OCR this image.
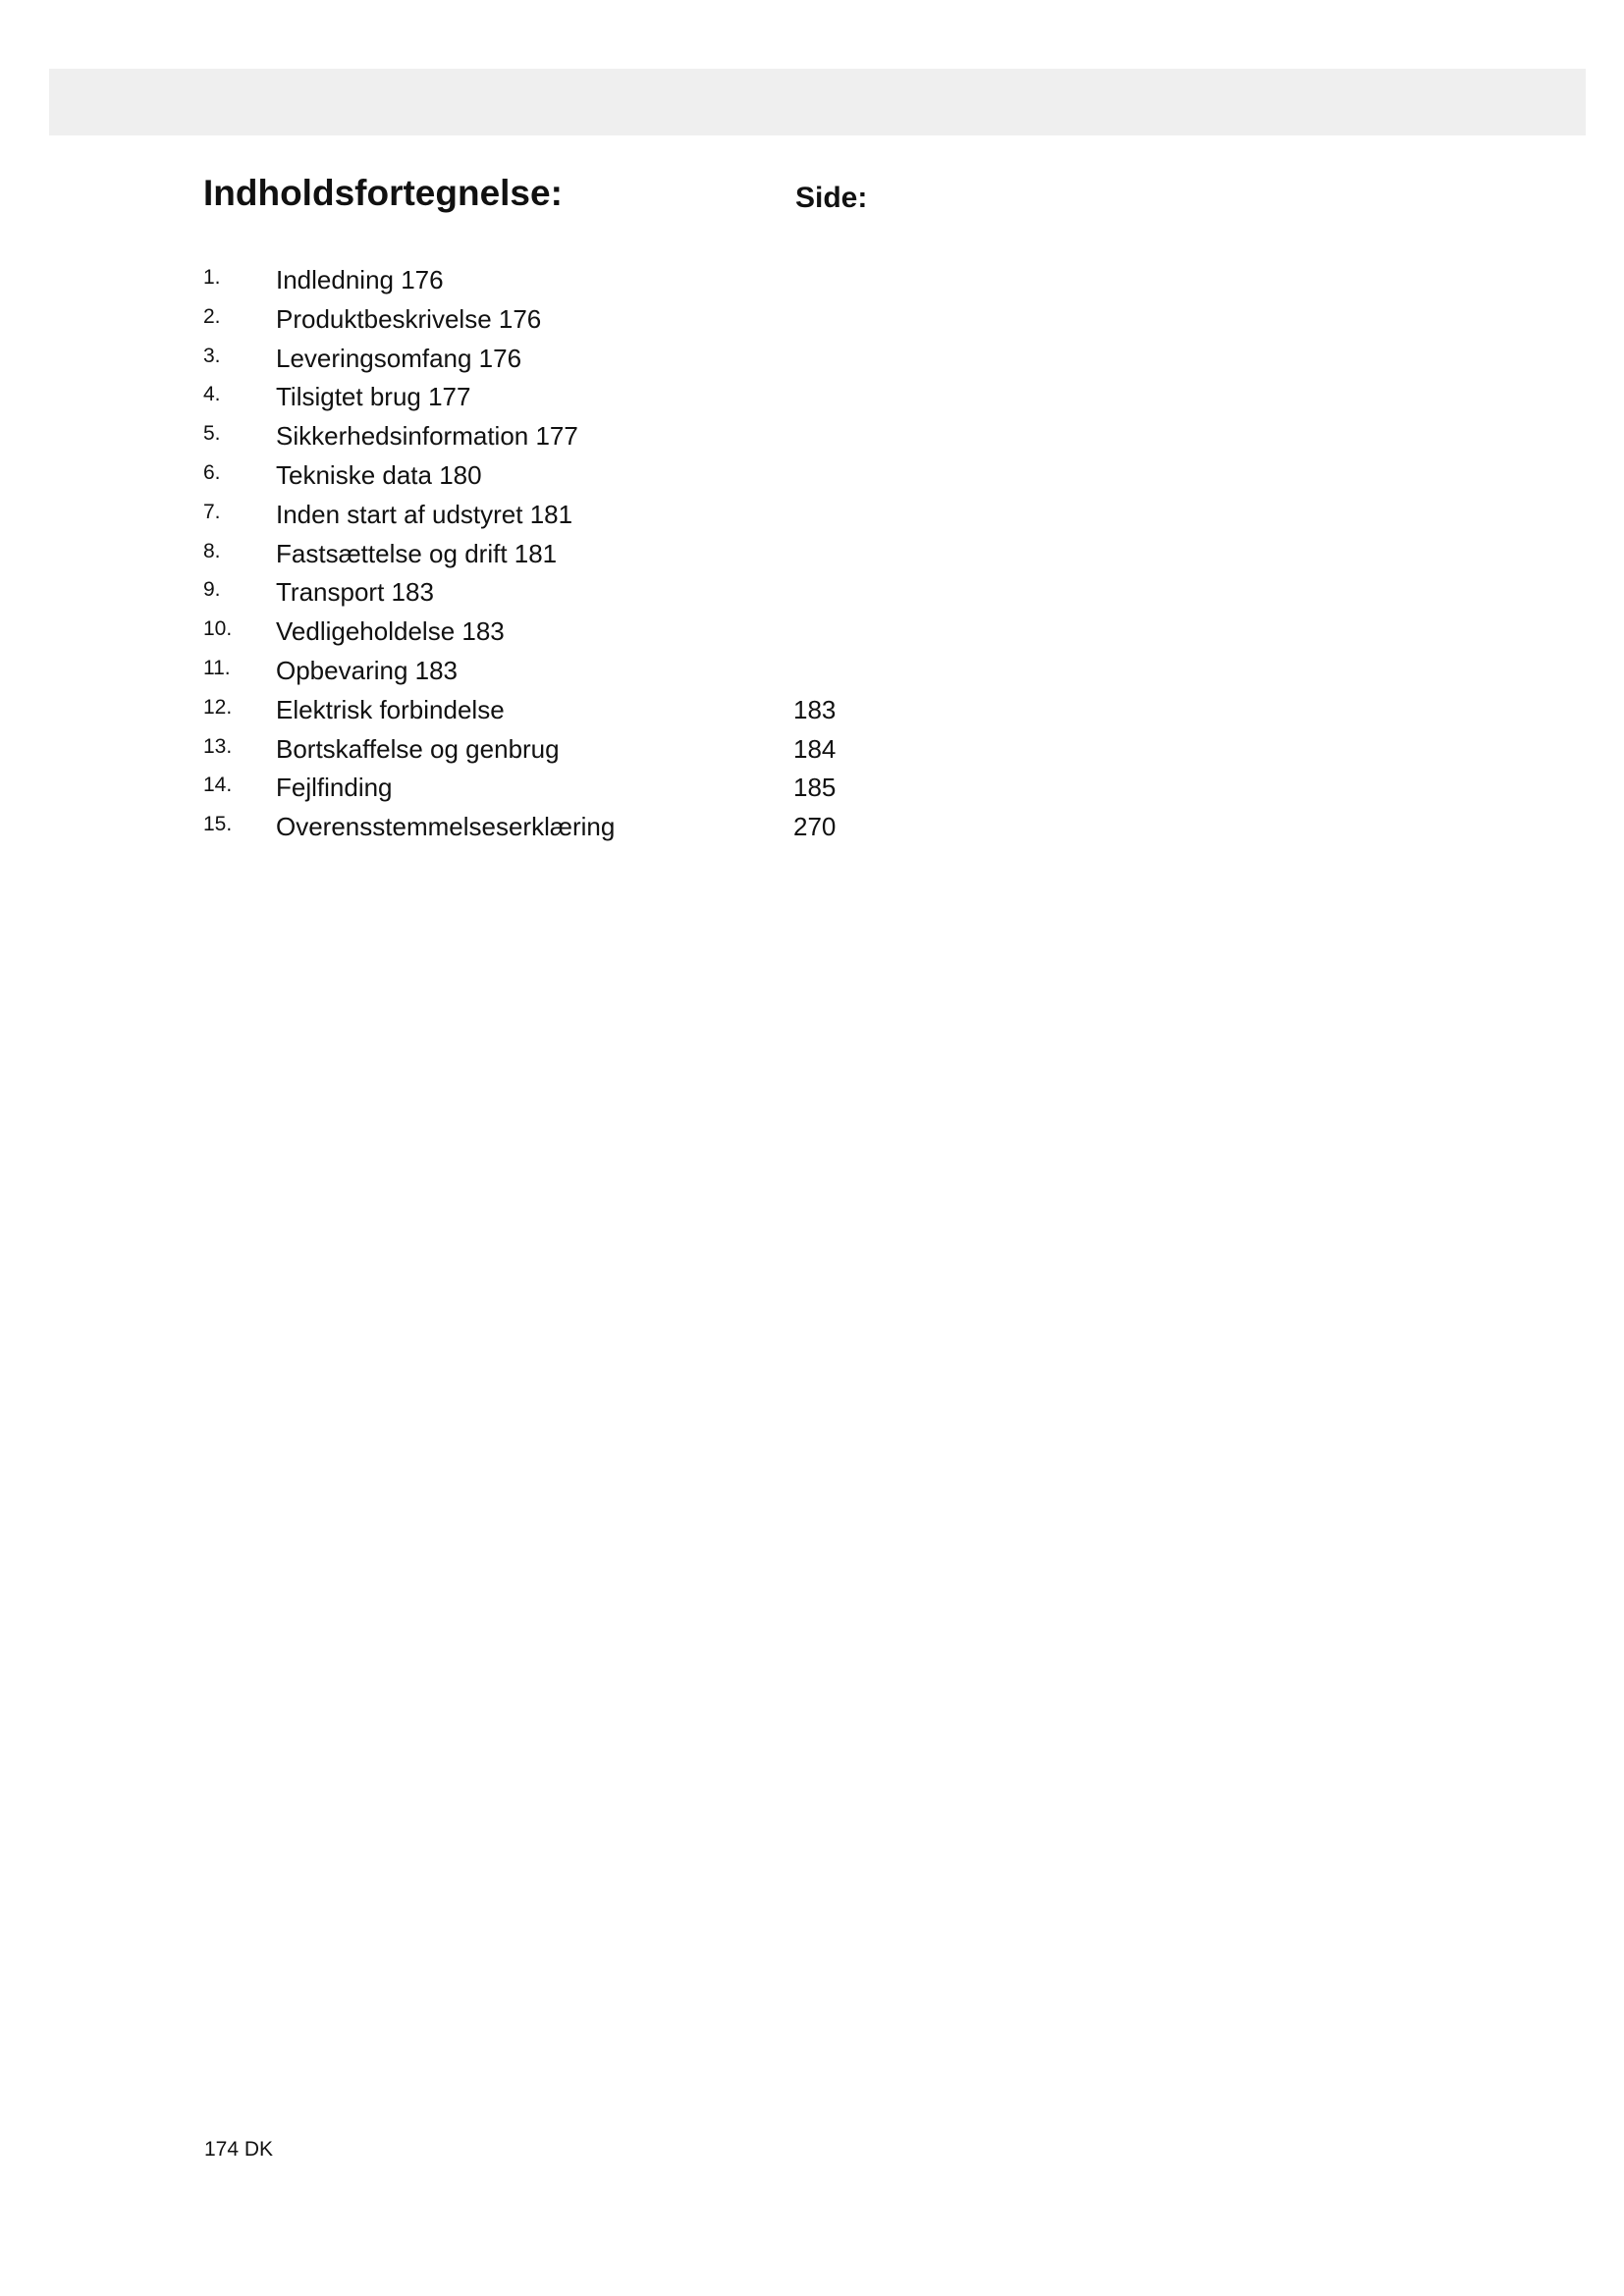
Indholdsfortegnelse:	Side:
1. Indledning 176
2. Produktbeskrivelse 176
3. Leveringsomfang 176
4. Tilsigtet brug 177
5. Sikkerhedsinformation 177
6. Tekniske data 180
7. Inden start af udstyret 181
8. Fastsættelse og drift 181
9. Transport 183
10. Vedligeholdelse 183
11. Opbevaring 183
12. Elektrisk forbindelse	183
13. Bortskaffelse og genbrug	184
14. Fejlfinding	185
15. Overensstemmelseserklæring	270
174 DK
